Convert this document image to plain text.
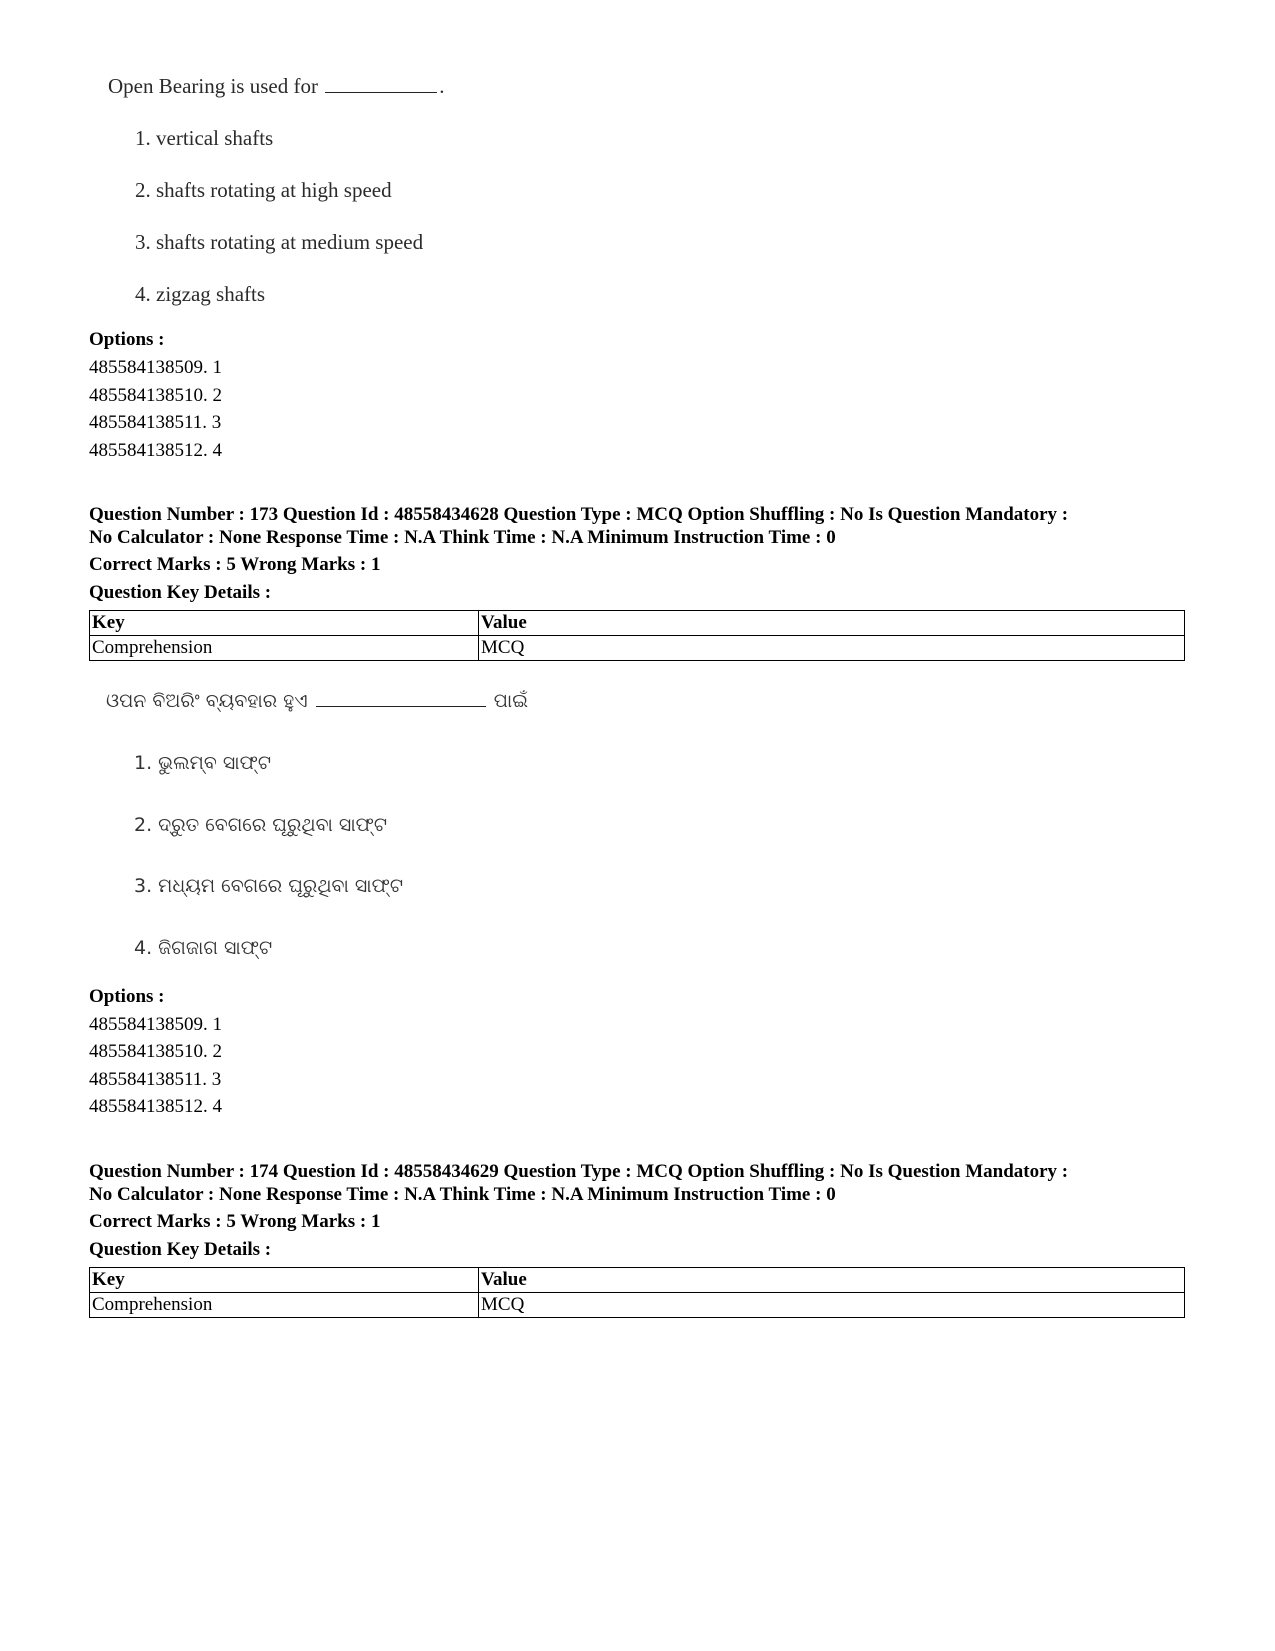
Open Bearing is used for	.
1. vertical shafts
2. shafts rotating at high speed
3. shafts rotating at medium speed
4. zigzag shafts
Options :
485584138509. 1
485584138510. 2
485584138511. 3
485584138512. 4
Question Number : 173 Question Id : 48558434628 Question Type : MCQ Option Shuffling : No Is Question Mandatory :
No Calculator : None Response Time : N.A Think Time : N.A Minimum Instruction Time : 0
Correct Marks : 5 Wrong Marks : 1
Question Key Details :
Key	Value
Comprehension	MCQ
ଓପନ ବିଅରିଂ ବ୍ୟବହାର ହୁଏ	ପାଇଁ
1. ଭୁଲମ୍ବ ସାଫ୍ଟ
2. ଦ୍ରୁତ ବେଗରେ ଘୂରୁଥିବା ସାଫ୍ଟ
3. ମଧ୍ୟମ ବେଗରେ ଘୂରୁଥିବା ସାଫ୍ଟ
4. ଜିଗଜାଗ ସାଫ୍ଟ
Options :
485584138509. 1
485584138510. 2
485584138511. 3
485584138512. 4
Question Number : 174 Question Id : 48558434629 Question Type : MCQ Option Shuffling : No Is Question Mandatory :
No Calculator : None Response Time : N.A Think Time : N.A Minimum Instruction Time : 0
Correct Marks : 5 Wrong Marks : 1
Question Key Details :
Key	Value
Comprehension	MCQ
